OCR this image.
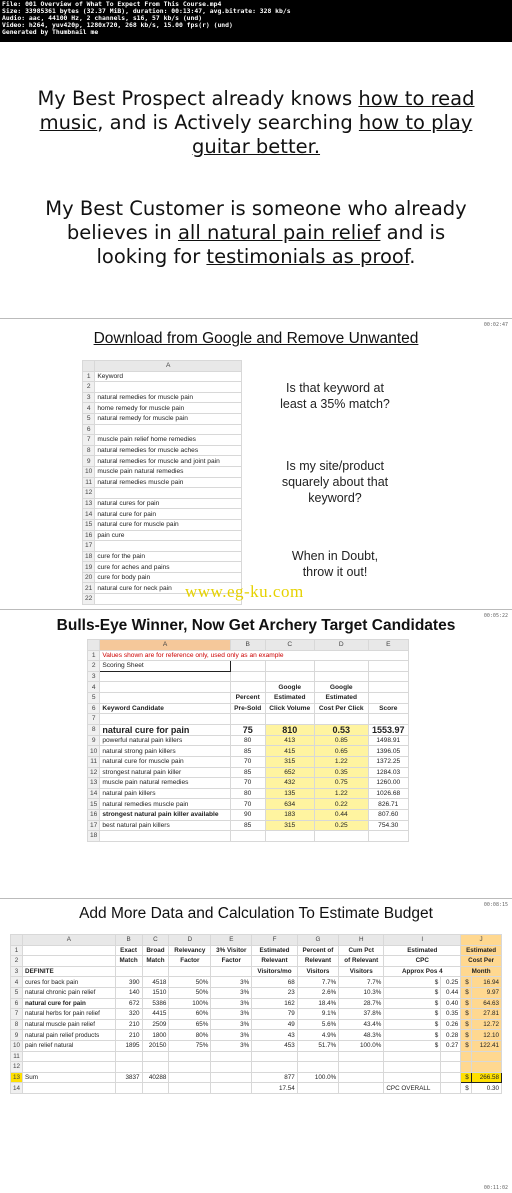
File: 001 Overview of What To Expect From This Course.mp4
Size: 33985361 bytes (32.37 MiB), duration: 00:13:47, avg.bitrate: 328 kb/s
Audio: aac, 44100 Hz, 2 channels, s16, 57 kb/s (und)
Video: h264, yuv420p, 1280x720, 268 kb/s, 15.00 fps(r) (und)
Generated by Thumbnail me
My Best Prospect already knows how to read
music, and is Actively searching how to play
guitar better.
My Best Customer is someone who already
believes in all natural pain relief and is
looking for testimonials as proof.
00:02:47
Download from Google and Remove Unwanted
	A
1	Keyword
2	
3	natural remedies for muscle pain
4	home remedy for muscle pain
5	natural remedy for muscle pain
6	
7	muscle pain relief home remedies
8	natural remedies for muscle aches
9	natural remedies for muscle and joint pain
10	muscle pain natural remedies
11	natural remedies muscle pain
12	
13	natural cures for pain
14	natural cure for pain
15	natural cure for muscle pain
16	pain cure
17	
18	cure for the pain
19	cure for aches and pains
20	cure for body pain
21	natural cure for neck pain
22	
Is that keyword at
least a 35% match?
Is my site/product
squarely about that
keyword?
When in Doubt,
throw it out!
www.eg-ku.com
00:05:22
Bulls-Eye Winner, Now Get Archery Target Candidates
	A	B	C	D	E
1	Values shown are for reference only, used only as an example				
2	Scoring Sheet				
3					
4			Google	Google	
5		Percent	Estimated	Estimated	
6	Keyword Candidate	Pre-Sold	Click Volume	Cost Per Click	Score
7					
8	natural cure for pain	75	810	0.53	1553.97
9	powerful natural pain killers	80	413	0.85	1498.91
10	natural strong pain killers	85	415	0.65	1396.05
11	natural cure for muscle pain	70	315	1.22	1372.25
12	strongest natural pain killer	85	652	0.35	1284.03
13	muscle pain natural remedies	70	432	0.75	1260.00
14	natural pain killers	80	135	1.22	1026.68
15	natural remedies muscle pain	70	634	0.22	826.71
16	strongest natural pain killer available	90	183	0.44	807.60
17	best natural pain killers	85	315	0.25	754.30
18					
00:08:15
Add More Data and Calculation To Estimate Budget
	A	B	C	D	E	F	G	H	I		J	
1		Exact	Broad	Relevancy	3% Visitor	Estimated	Percent of	Cum Pct	Estimated		Estimated	
2		Match	Match	Factor	Factor	Relevant	Relevant	of Relevant	CPC		Cost Per	
3	DEFINITE					Visitors/mo	Visitors	Visitors	Approx Pos 4		Month	
4	cures for back pain	390	4518	50%	3%	68	7.7%	7.7%	$	0.25	$	16.94
5	natural chronic pain relief	140	1510	50%	3%	23	2.6%	10.3%	$	0.44	$	9.97
6	natural cure for pain	672	5386	100%	3%	162	18.4%	28.7%	$	0.40	$	64.63
7	natural herbs for pain relief	320	4415	60%	3%	79	9.1%	37.8%	$	0.35	$	27.81
8	natural muscle pain relief	210	2509	65%	3%	49	5.6%	43.4%	$	0.26	$	12.72
9	natural pain relief products	210	1800	80%	3%	43	4.9%	48.3%	$	0.28	$	12.10
10	pain relief natural	1895	20150	75%	3%	453	51.7%	100.0%	$	0.27	$	122.41
11												
12												
13	Sum	3837	40288			877	100.0%				$	266.58
14						17.54			CPC OVERALL		$	0.30
00:11:02
